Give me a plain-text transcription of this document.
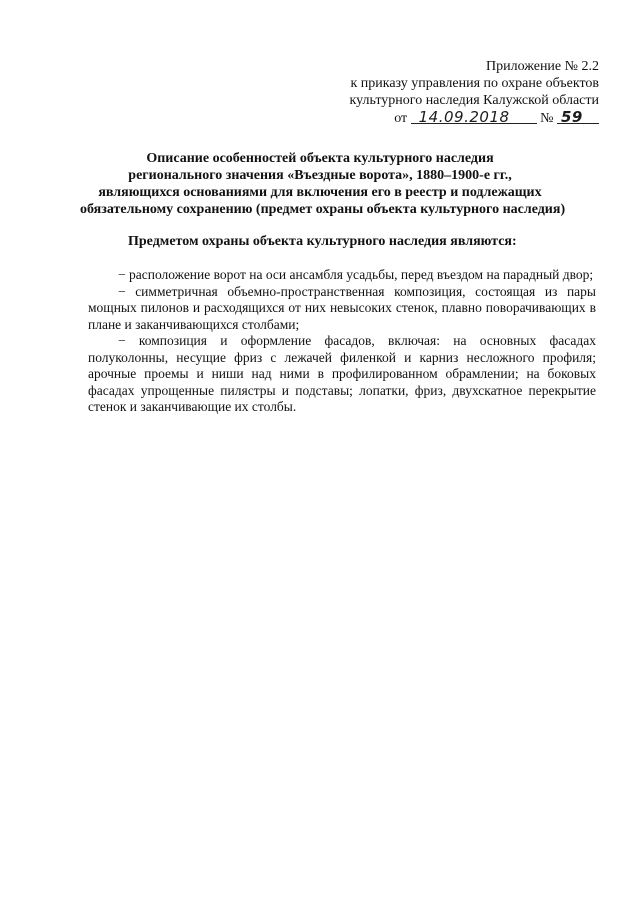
Приложение № 2.2
к приказу управления по охране объектов
культурного наследия Калужской области
от 14.09.2018 № 59
Описание особенностей объекта культурного наследия
регионального значения «Въездные ворота», 1880–1900-е гг.,
являющихся основаниями для включения его в реестр и подлежащих
обязательному сохранению (предмет охраны объекта культурного наследия)
Предметом охраны объекта культурного наследия являются:

− расположение ворот на оси ансамбля усадьбы, перед въездом на парадный двор;

− симметричная объемно-пространственная композиция, состоящая из пары мощных пилонов и расходящихся от них невысоких стенок, плавно поворачивающих в плане и заканчивающихся столбами;

− композиция и оформление фасадов, включая: на основных фасадах полуколонны, несущие фриз с лежачей филенкой и карниз несложного профиля; арочные проемы и ниши над ними в профилированном обрамлении; на боковых фасадах упрощенные пилястры и подставы; лопатки, фриз, двухскатное перекрытие стенок и заканчивающие их столбы.
